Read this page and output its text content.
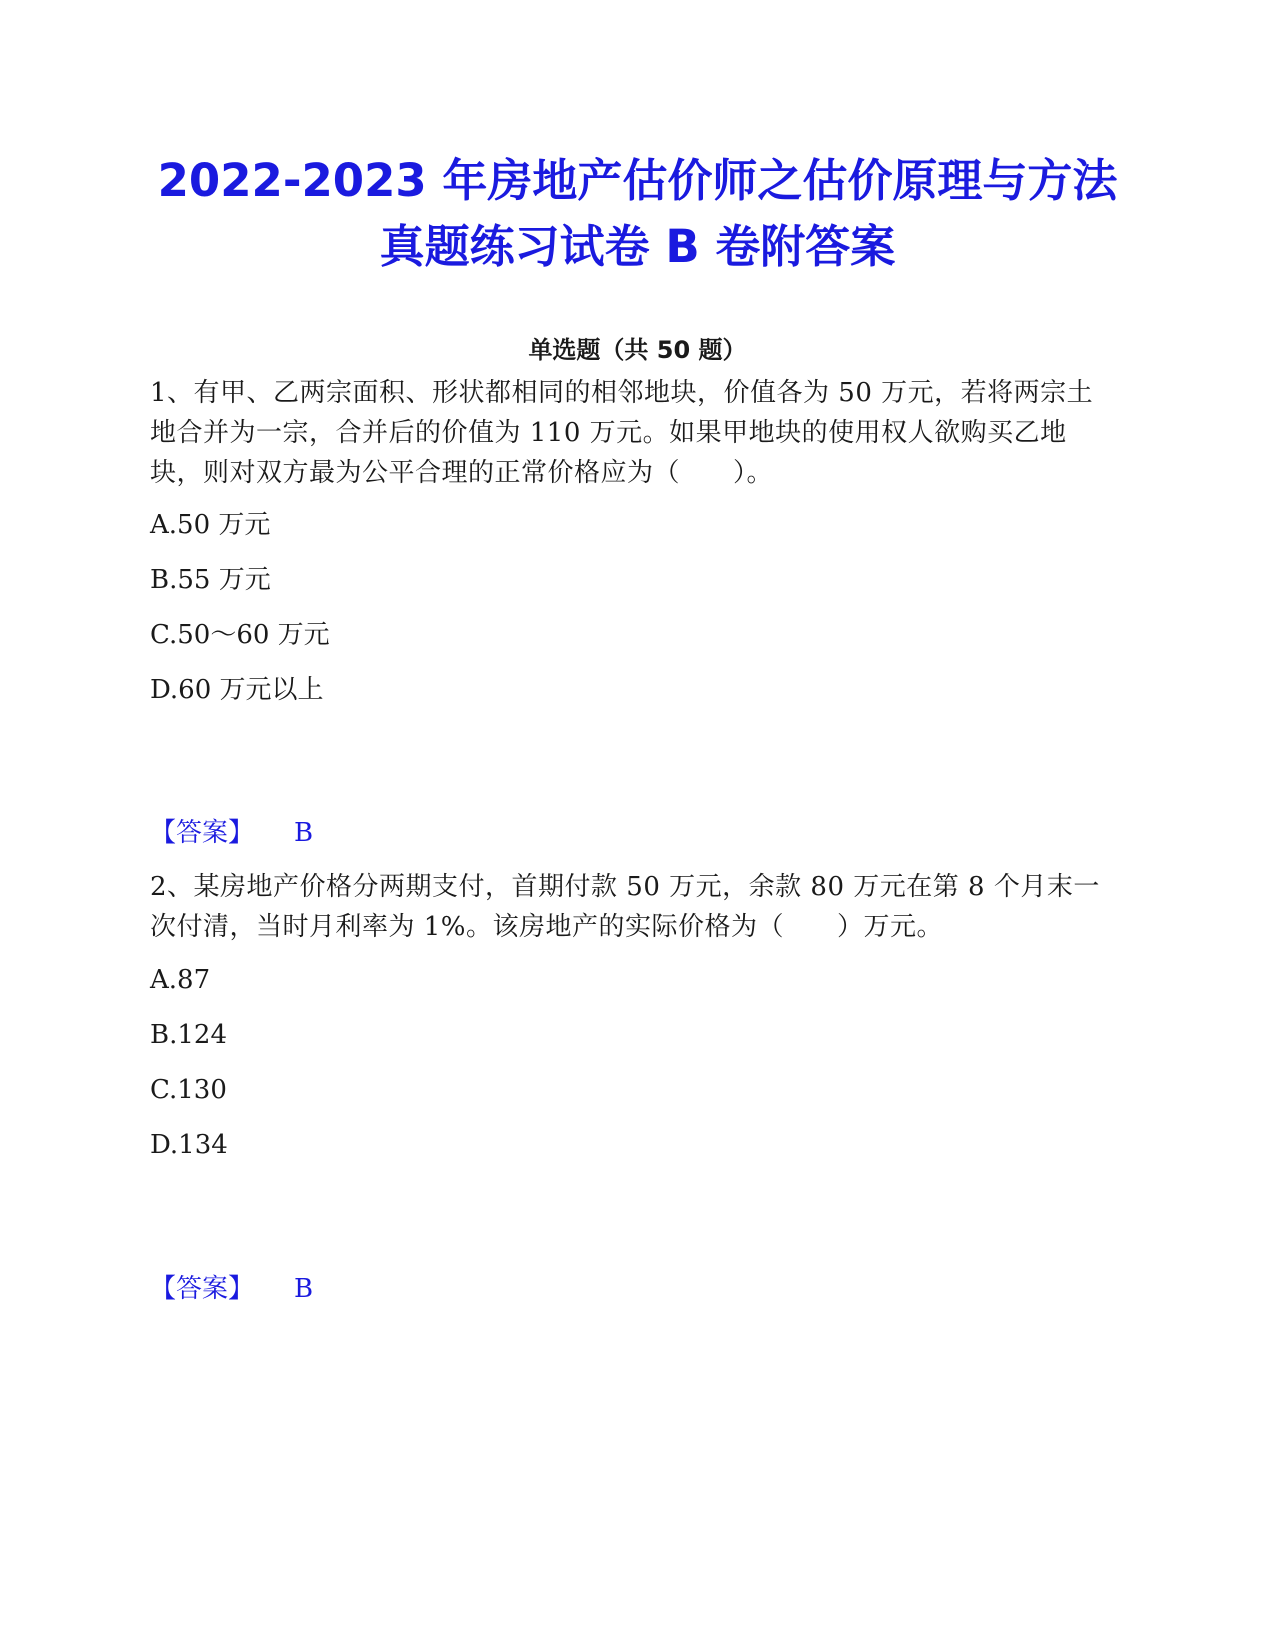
2022-2023 年房地产估价师之估价原理与方法真题练习试卷 B 卷附答案
单选题（共 50 题）

1、有甲、乙两宗面积、形状都相同的相邻地块，价值各为 50 万元，若将两宗土地合并为一宗，合并后的价值为 110 万元。如果甲地块的使用权人欲购买乙地块，则对双方最为公平合理的正常价格应为（　　）。

A.50 万元

B.55 万元

C.50～60 万元

D.60 万元以上

【答案】 B

2、某房地产价格分两期支付，首期付款 50 万元，余款 80 万元在第 8 个月末一次付清，当时月利率为 1%。该房地产的实际价格为（　　）万元。

A.87

B.124

C.130

D.134

【答案】 B
